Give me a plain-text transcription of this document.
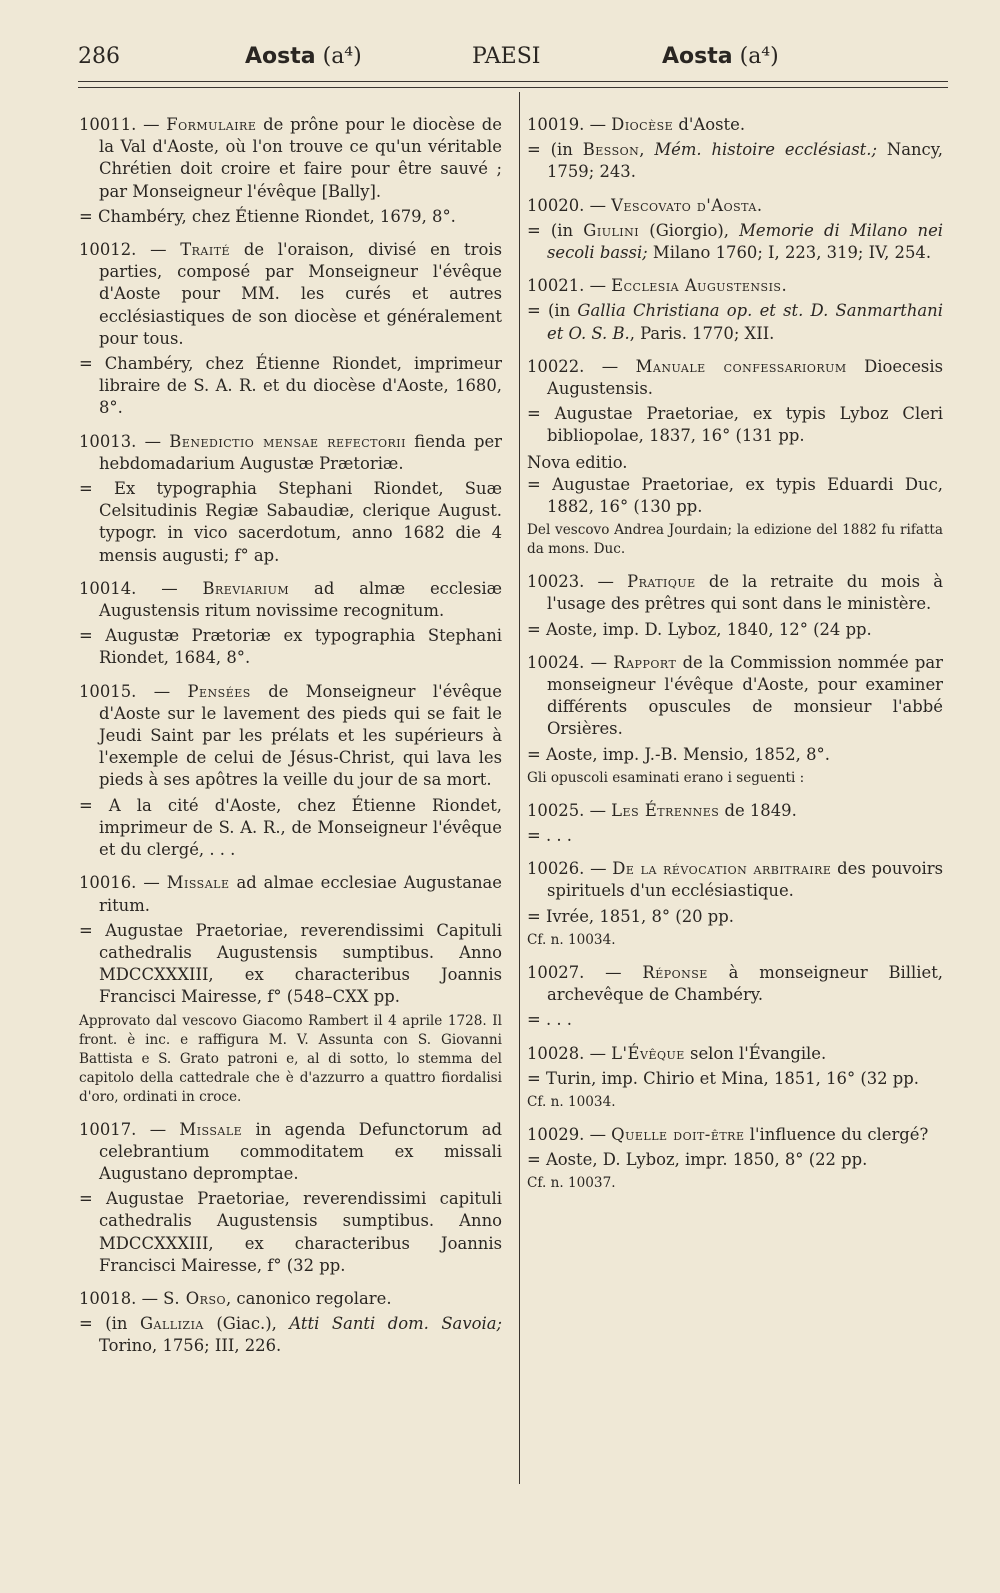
286	Aosta (a⁴)	PAESI	Aosta (a⁴)
10011. — Formulaire de prône pour le diocèse de la Val d'Aoste, où l'on trouve ce qu'un véritable Chrétien doit croire et faire pour être sauvé ; par Monseigneur l'évêque [Bally].
= Chambéry, chez Étienne Riondet, 1679, 8°.
10012. — Traité de l'oraison, divisé en trois parties, composé par Monseigneur l'évêque d'Aoste pour MM. les curés et autres ecclésiastiques de son diocèse et généralement pour tous.
= Chambéry, chez Étienne Riondet, imprimeur libraire de S. A. R. et du diocèse d'Aoste, 1680, 8°.
10013. — Benedictio mensae refectorii fienda per hebdomadarium Augustæ Prætoriæ.
= Ex typographia Stephani Riondet, Suæ Celsitudinis Regiæ Sabaudiæ, clerique August. typogr. in vico sacerdotum, anno 1682 die 4 mensis augusti; f° ap.
10014. — Breviarium ad almæ ecclesiæ Augustensis ritum novissime recognitum.
= Augustæ Prætoriæ ex typographia Stephani Riondet, 1684, 8°.
10015. — Pensées de Monseigneur l'évêque d'Aoste sur le lavement des pieds qui se fait le Jeudi Saint par les prélats et les supérieurs à l'exemple de celui de Jésus-Christ, qui lava les pieds à ses apôtres la veille du jour de sa mort.
= A la cité d'Aoste, chez Étienne Riondet, imprimeur de S. A. R., de Monseigneur l'évêque et du clergé, . . .
10016. — Missale ad almae ecclesiae Augustanae ritum.
= Augustae Praetoriae, reverendissimi Capituli cathedralis Augustensis sumptibus. Anno MDCCXXXIII, ex characteribus Joannis Francisci Mairesse, f° (548–CXX pp.
Approvato dal vescovo Giacomo Rambert il 4 aprile 1728. Il front. è inc. e raffigura M. V. Assunta con S. Giovanni Battista e S. Grato patroni e, al di sotto, lo stemma del capitolo della cattedrale che è d'azzurro a quattro fiordalisi d'oro, ordinati in croce.
10017. — Missale in agenda Defunctorum ad celebrantium commoditatem ex missali Augustano depromptae.
= Augustae Praetoriae, reverendissimi capituli cathedralis Augustensis sumptibus. Anno MDCCXXXIII, ex characteribus Joannis Francisci Mairesse, f° (32 pp.
10018. — S. Orso, canonico regolare.
= (in Gallizia (Giac.), Atti Santi dom. Savoia; Torino, 1756; III, 226.
10019. — Diocèse d'Aoste.
= (in Besson, Mém. histoire ecclésiast.; Nancy, 1759; 243.
10020. — Vescovato d'Aosta.
= (in Giulini (Giorgio), Memorie di Milano nei secoli bassi; Milano 1760; I, 223, 319; IV, 254.
10021. — Ecclesia Augustensis.
= (in Gallia Christiana op. et st. D. Sanmarthani et O. S. B., Paris. 1770; XII.
10022. — Manuale confessariorum Dioecesis Augustensis.
= Augustae Praetoriae, ex typis Lyboz Cleri bibliopolae, 1837, 16° (131 pp.
Nova editio.
= Augustae Praetoriae, ex typis Eduardi Duc, 1882, 16° (130 pp.
Del vescovo Andrea Jourdain; la edizione del 1882 fu rifatta da mons. Duc.
10023. — Pratique de la retraite du mois à l'usage des prêtres qui sont dans le ministère.
= Aoste, imp. D. Lyboz, 1840, 12° (24 pp.
10024. — Rapport de la Commission nommée par monseigneur l'évêque d'Aoste, pour examiner différents opuscules de monsieur l'abbé Orsières.
= Aoste, imp. J.-B. Mensio, 1852, 8°.
Gli opuscoli esaminati erano i seguenti :
10025. — Les Étrennes de 1849.
= . . .
10026. — De la révocation arbitraire des pouvoirs spirituels d'un ecclésiastique.
= Ivrée, 1851, 8° (20 pp.
Cf. n. 10034.
10027. — Réponse à monseigneur Billiet, archevêque de Chambéry.
= . . .
10028. — L'Évêque selon l'Évangile.
= Turin, imp. Chirio et Mina, 1851, 16° (32 pp.
Cf. n. 10034.
10029. — Quelle doit-être l'influence du clergé?
= Aoste, D. Lyboz, impr. 1850, 8° (22 pp.
Cf. n. 10037.
